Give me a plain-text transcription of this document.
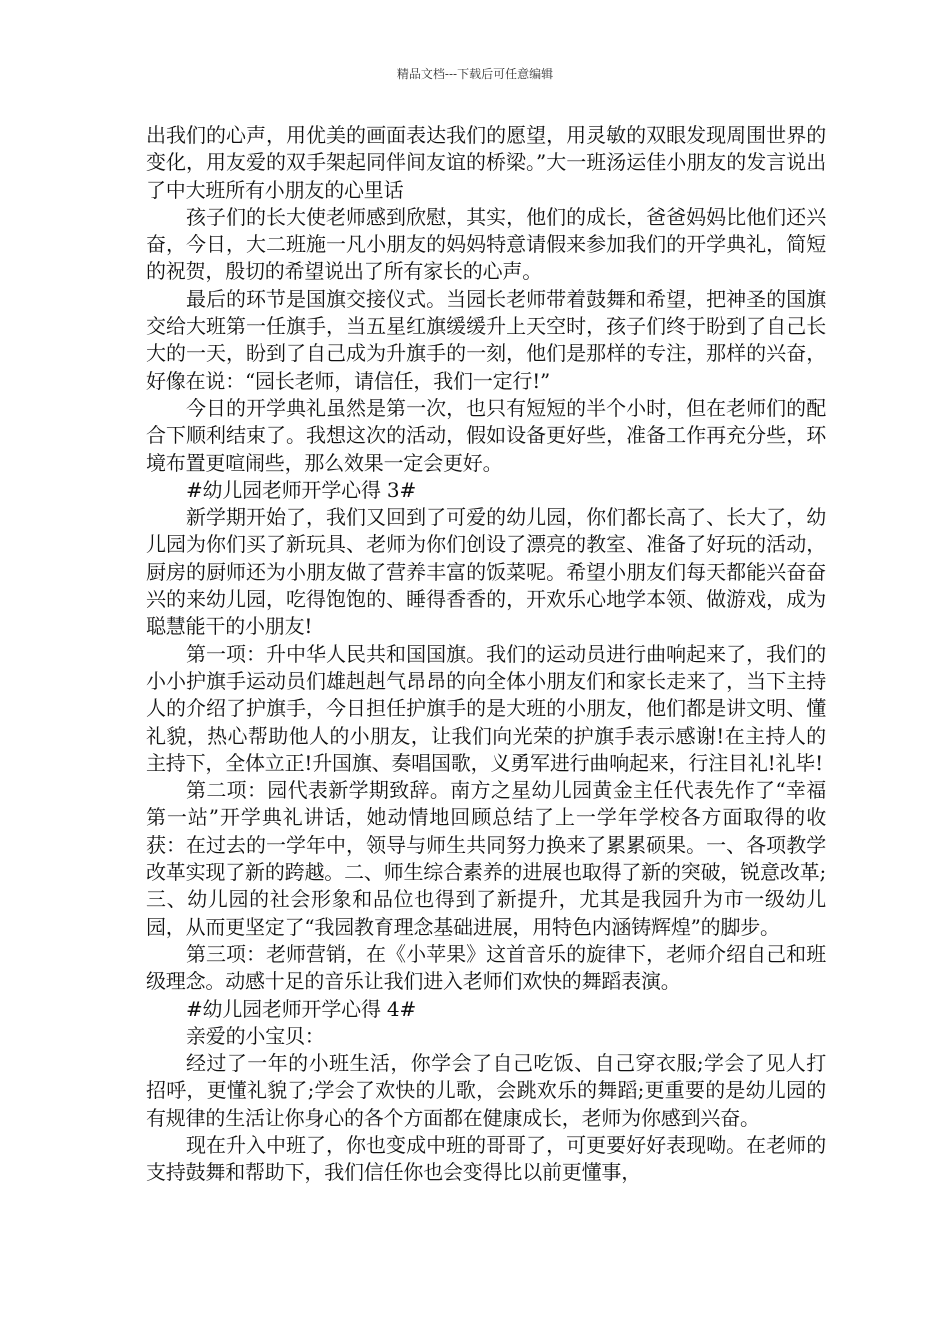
精品文档---下载后可任意编辑

出我们的心声，用优美的画面表达我们的愿望，用灵敏的双眼发现周围世界的变化，用友爱的双手架起同伴间友谊的桥梁。”大一班汤运佳小朋友的发言说出了中大班所有小朋友的心里话

孩子们的长大使老师感到欣慰，其实，他们的成长，爸爸妈妈比他们还兴奋，今日，大二班施一凡小朋友的妈妈特意请假来参加我们的开学典礼，简短的祝贺，殷切的希望说出了所有家长的心声。

最后的环节是国旗交接仪式。当园长老师带着鼓舞和希望，把神圣的国旗交给大班第一任旗手，当五星红旗缓缓升上天空时，孩子们终于盼到了自己长大的一天，盼到了自己成为升旗手的一刻，他们是那样的专注，那样的兴奋，好像在说：“园长老师，请信任，我们一定行!”

今日的开学典礼虽然是第一次，也只有短短的半个小时，但在老师们的配合下顺利结束了。我想这次的活动，假如设备更好些，准备工作再充分些，环境布置更喧闹些，那么效果一定会更好。

#幼儿园老师开学心得 3#

新学期开始了，我们又回到了可爱的幼儿园，你们都长高了、长大了，幼儿园为你们买了新玩具、老师为你们创设了漂亮的教室、准备了好玩的活动，厨房的厨师还为小朋友做了营养丰富的饭菜呢。希望小朋友们每天都能兴奋奋兴的来幼儿园，吃得饱饱的、睡得香香的，开欢乐心地学本领、做游戏，成为聪慧能干的小朋友!

第一项：升中华人民共和国国旗。我们的运动员进行曲响起来了，我们的小小护旗手运动员们雄赳赳气昂昂的向全体小朋友们和家长走来了，当下主持人的介绍了护旗手，今日担任护旗手的是大班的小朋友，他们都是讲文明、懂礼貌，热心帮助他人的小朋友，让我们向光荣的护旗手表示感谢!在主持人的主持下，全体立正!升国旗、奏唱国歌，义勇军进行曲响起来，行注目礼!礼毕!

第二项：园代表新学期致辞。南方之星幼儿园黄金主任代表先作了“幸福第一站”开学典礼讲话，她动情地回顾总结了上一学年学校各方面取得的收获：在过去的一学年中，领导与师生共同努力换来了累累硕果。一、各项教学改革实现了新的跨越。二、师生综合素养的进展也取得了新的突破，锐意改革;三、幼儿园的社会形象和品位也得到了新提升，尤其是我园升为市一级幼儿园，从而更坚定了“我园教育理念基础进展，用特色内涵铸辉煌”的脚步。

第三项：老师营销，在《小苹果》这首音乐的旋律下，老师介绍自己和班级理念。动感十足的音乐让我们进入老师们欢快的舞蹈表演。

#幼儿园老师开学心得 4#

亲爱的小宝贝：

经过了一年的小班生活，你学会了自己吃饭、自己穿衣服;学会了见人打招呼，更懂礼貌了;学会了欢快的儿歌，会跳欢乐的舞蹈;更重要的是幼儿园的有规律的生活让你身心的各个方面都在健康成长，老师为你感到兴奋。

现在升入中班了，你也变成中班的哥哥了，可更要好好表现呦。在老师的支持鼓舞和帮助下，我们信任你也会变得比以前更懂事，
